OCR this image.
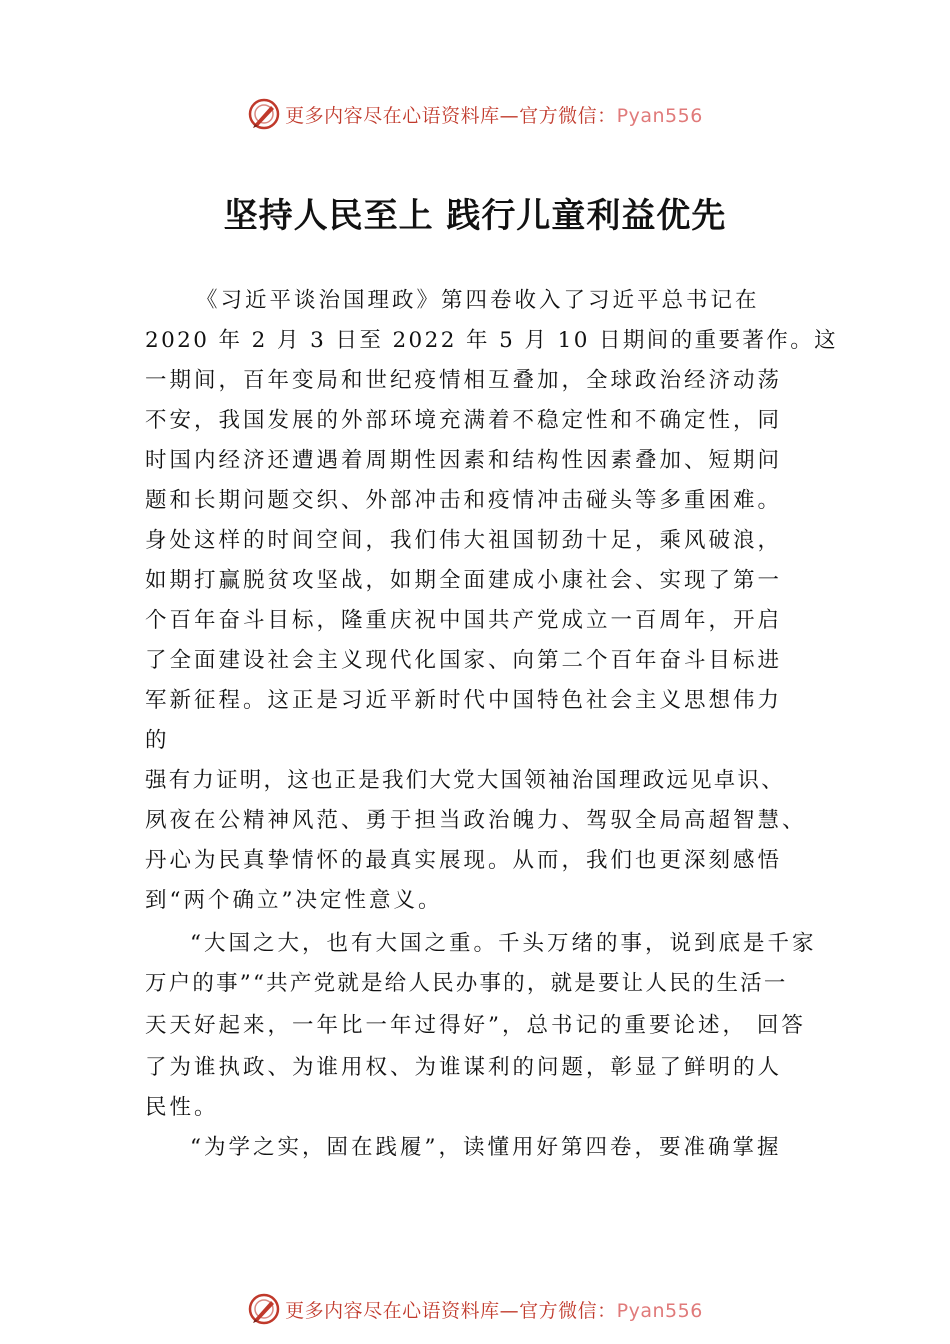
更多内容尽在心语资料库—官方微信：Pyan556
坚持人民至上 践行儿童利益优先
《习近平谈治国理政》第四卷收入了习近平总书记在
2020 年 2 月 3 日至 2022 年 5 月 10 日期间的重要著作。这
一期间，百年变局和世纪疫情相互叠加，全球政治经济动荡
不安，我国发展的外部环境充满着不稳定性和不确定性，同
时国内经济还遭遇着周期性因素和结构性因素叠加、短期问
题和长期问题交织、外部冲击和疫情冲击碰头等多重困难。
身处这样的时间空间，我们伟大祖国韧劲十足，乘风破浪，
如期打赢脱贫攻坚战，如期全面建成小康社会、实现了第一
个百年奋斗目标，隆重庆祝中国共产党成立一百周年，开启
了全面建设社会主义现代化国家、向第二个百年奋斗目标进
军新征程。这正是习近平新时代中国特色社会主义思想伟力
的
强有力证明，这也正是我们大党大国领袖治国理政远见卓识、
夙夜在公精神风范、勇于担当政治魄力、驾驭全局高超智慧、
丹心为民真挚情怀的最真实展现。从而，我们也更深刻感悟
到“两个确立”决定性意义。
“大国之大，也有大国之重。千头万绪的事，说到底是千家
万户的事”“共产党就是给人民办事的，就是要让人民的生活一
天天好起来，一年比一年过得好”，总书记的重要论述， 回答
了为谁执政、为谁用权、为谁谋利的问题，彰显了鲜明的人
民性。
“为学之实，固在践履”，读懂用好第四卷，要准确掌握
更多内容尽在心语资料库—官方微信：Pyan556
